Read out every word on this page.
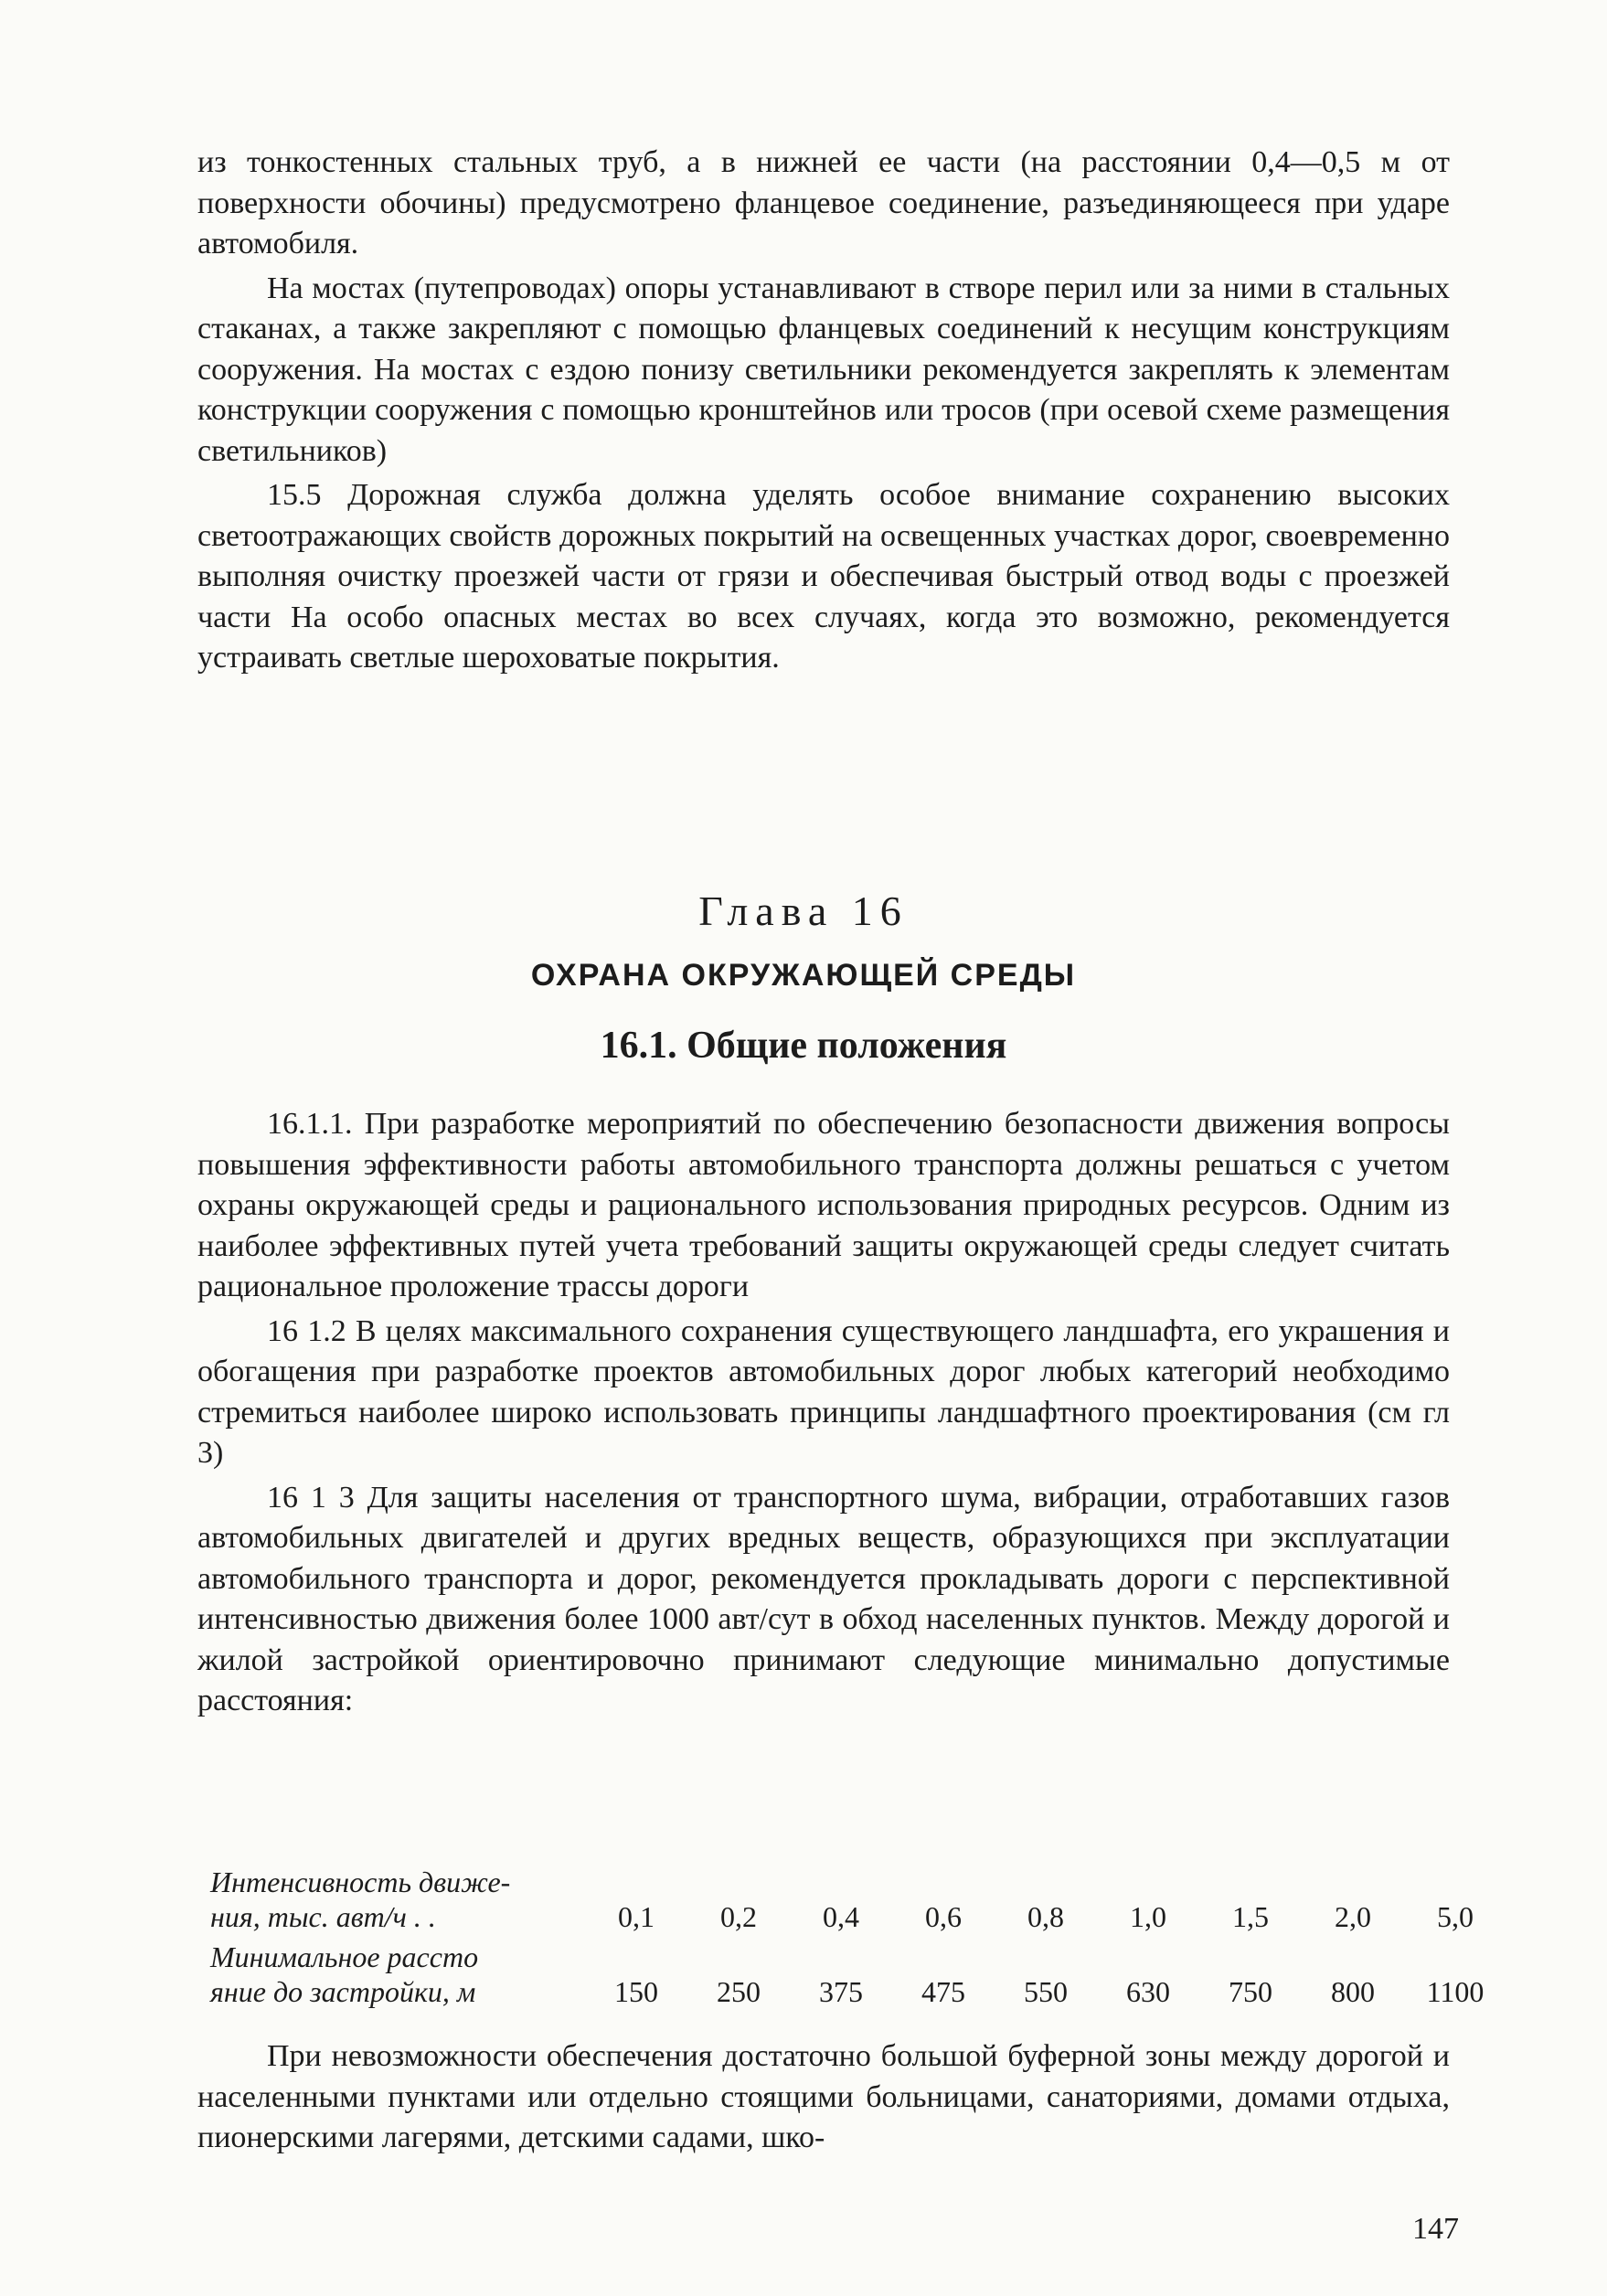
из тонкостенных стальных труб, а в нижней ее части (на расстоянии 0,4—0,5 м от поверхности обочины) предусмотрено фланцевое соединение, разъединяющееся при ударе автомобиля.

На мостах (путепроводах) опоры устанавливают в створе перил или за ними в стальных стаканах, а также закрепляют с помощью фланцевых соединений к несущим конструкциям сооружения. На мостах с ездою понизу светильники рекомендуется закреплять к элементам конструкции сооружения с помощью кронштейнов или тросов (при осевой схеме размещения светильников)

15.5 Дорожная служба должна уделять особое внимание сохранению высоких светоотражающих свойств дорожных покрытий на освещенных участках дорог, своевременно выполняя очистку проезжей части от грязи и обеспечивая быстрый отвод воды с проезжей части На особо опасных местах во всех случаях, когда это возможно, рекомендуется устраивать светлые шероховатые покрытия.

Глава 16
ОХРАНА ОКРУЖАЮЩЕЙ СРЕДЫ
16.1. Общие положения

16.1.1. При разработке мероприятий по обеспечению безопасности движения вопросы повышения эффективности работы автомобильного транспорта должны решаться с учетом охраны окружающей среды и рационального использования природных ресурсов. Одним из наиболее эффективных путей учета требований защиты окружающей среды следует считать рациональное проложение трассы дороги

16 1.2 В целях максимального сохранения существующего ландшафта, его украшения и обогащения при разработке проектов автомобильных дорог любых категорий необходимо стремиться наиболее широко использовать принципы ландшафтного проектирования (см гл 3)

16 1 3 Для защиты населения от транспортного шума, вибрации, отработавших газов автомобильных двигателей и других вредных веществ, образующихся при эксплуатации автомобильного транспорта и дорог, рекомендуется прокладывать дороги с перспективной интенсивностью движения более 1000 авт/сут в обход населенных пунктов. Между дорогой и жилой застройкой ориентировочно принимают следующие минимально допустимые расстояния:

Интенсивность движе-
ния, тыс. авт/ч . .	0,1	0,2	0,4	0,6	0,8	1,0	1,5	2,0	5,0

Минимальное рассто
яние до застройки, м	150	250	375	475	550	630	750	800	1100

При невозможности обеспечения достаточно большой буферной зоны между дорогой и населенными пунктами или отдельно стоящими больницами, санаториями, домами отдыха, пионерскими лагерями, детскими садами, шко-

147
